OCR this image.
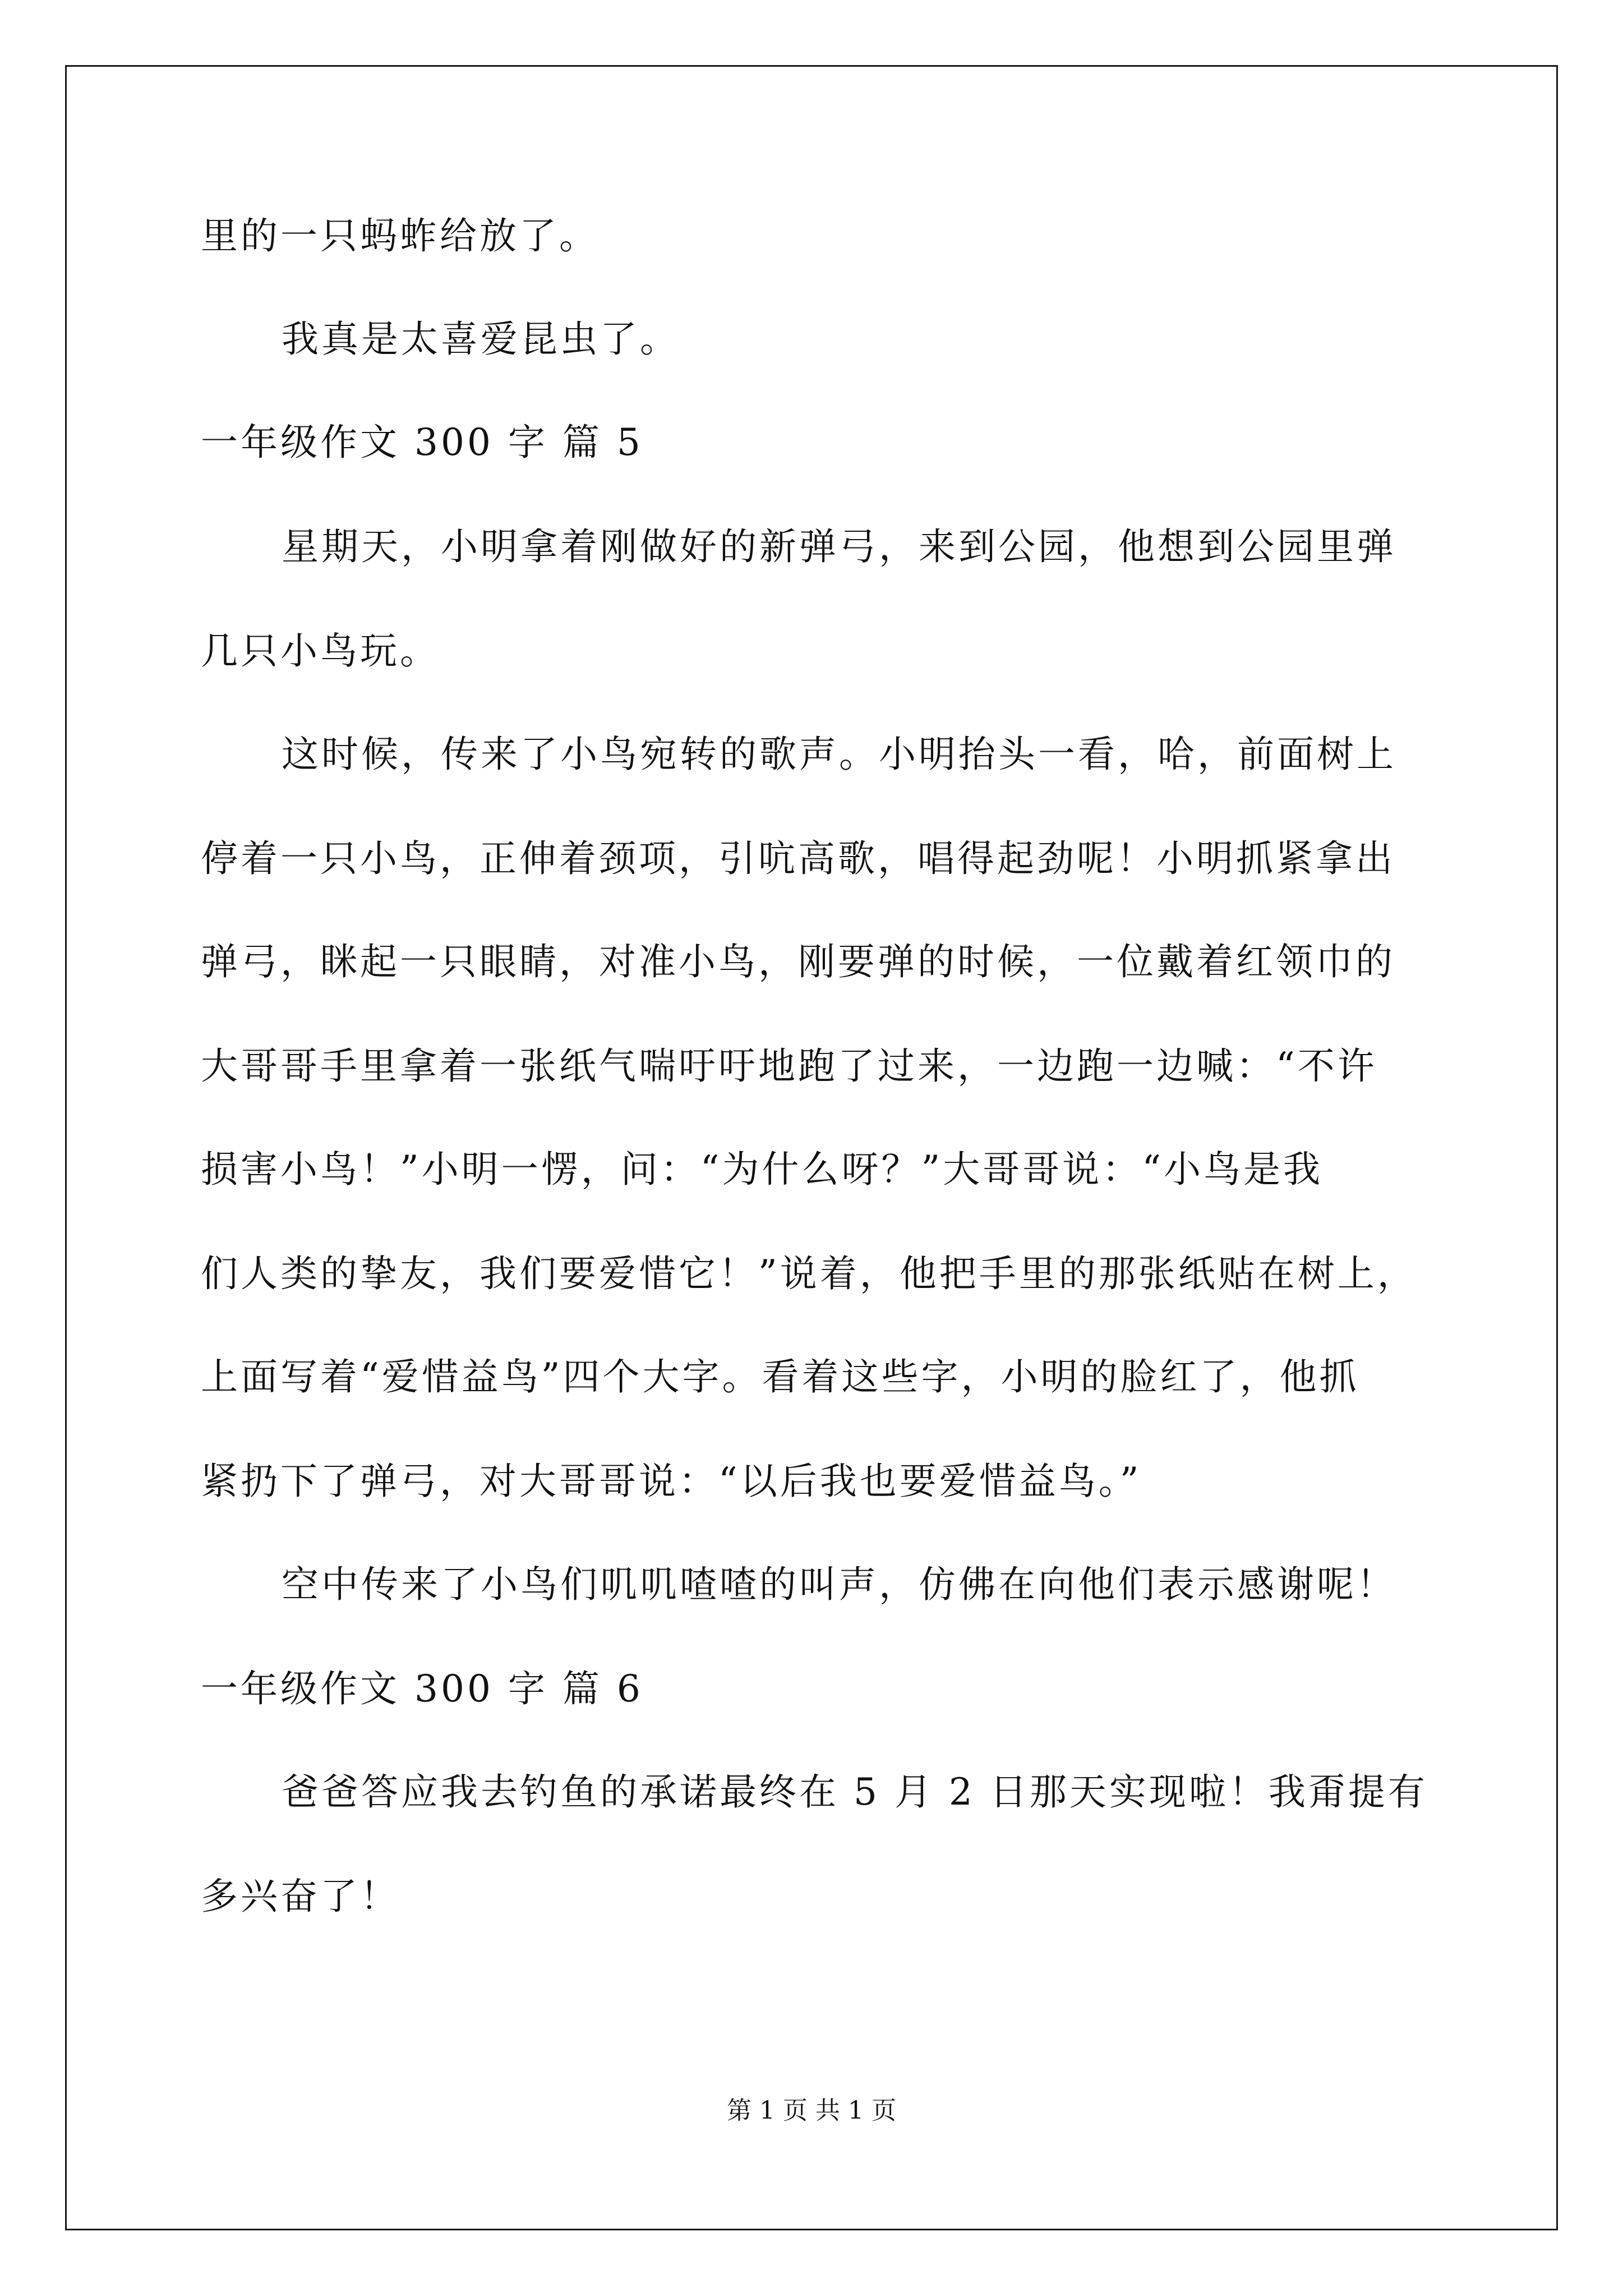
里的一只蚂蚱给放了。
我真是太喜爱昆虫了。
一年级作文 300 字 篇 5
星期天，小明拿着刚做好的新弹弓，来到公园，他想到公园里弹
几只小鸟玩。
这时候，传来了小鸟宛转的歌声。小明抬头一看，哈，前面树上
停着一只小鸟，正伸着颈项，引吭高歌，唱得起劲呢！小明抓紧拿出
弹弓，眯起一只眼睛，对准小鸟，刚要弹的时候，一位戴着红领巾的
大哥哥手里拿着一张纸气喘吁吁地跑了过来，一边跑一边喊：“不许
损害小鸟！”小明一愣，问：“为什么呀？”大哥哥说：“小鸟是我
们人类的挚友，我们要爱惜它！”说着，他把手里的那张纸贴在树上，
上面写着“爱惜益鸟”四个大字。看着这些字，小明的脸红了，他抓
紧扔下了弹弓，对大哥哥说：“以后我也要爱惜益鸟。”
空中传来了小鸟们叽叽喳喳的叫声，仿佛在向他们表示感谢呢！
一年级作文 300 字 篇 6
爸爸答应我去钓鱼的承诺最终在 5 月 2 日那天实现啦！我甭提有
多兴奋了！
第 1 页 共 1 页
